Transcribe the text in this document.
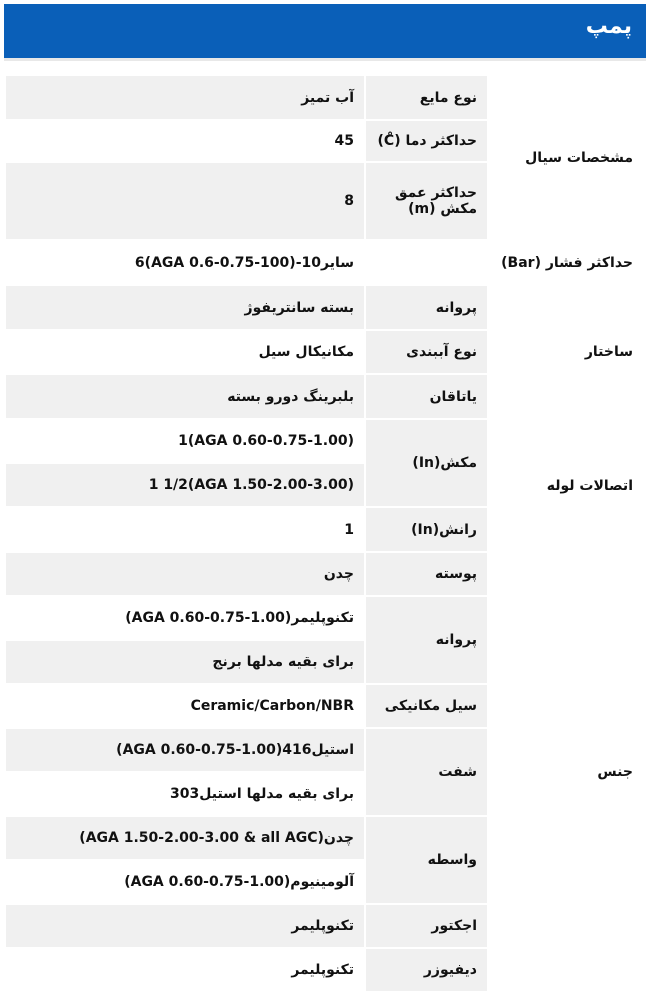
پمپ
مشخصات سیال	نوع مایع	آب تمیز
	حداکثر دما (C̊)	45
	حداکثر عمق مکش (m)	8
حداکثر فشار (Bar)		سایر10-(AGA 0.6-0.75-100)6
ساختار	پروانه	بسته سانتریفوژ
	نوع آببندی	مکانیکال سیل
	یاتاقان	بلبرینگ دورو بسته
اتصالات لوله	مکش(In)	1(AGA 0.60-0.75-1.00)
		1 1/2(AGA 1.50-2.00-3.00)
	رانش(In)	1
جنس	پوسته	چدن
	پروانه	تکنوپلیمر(AGA 0.60-0.75-1.00)
		برای بقیه مدلها برنج
	سیل مکانیکی	Ceramic/Carbon/NBR
	شفت	استیل416(AGA 0.60-0.75-1.00)
		برای بقیه مدلها استیل303
	واسطه	چدن(AGA 1.50-2.00-3.00 & all AGC)
		آلومینیوم(AGA 0.60-0.75-1.00)
	اجکتور	تکنوپلیمر
	دیفیوزر	تکنوپلیمر
